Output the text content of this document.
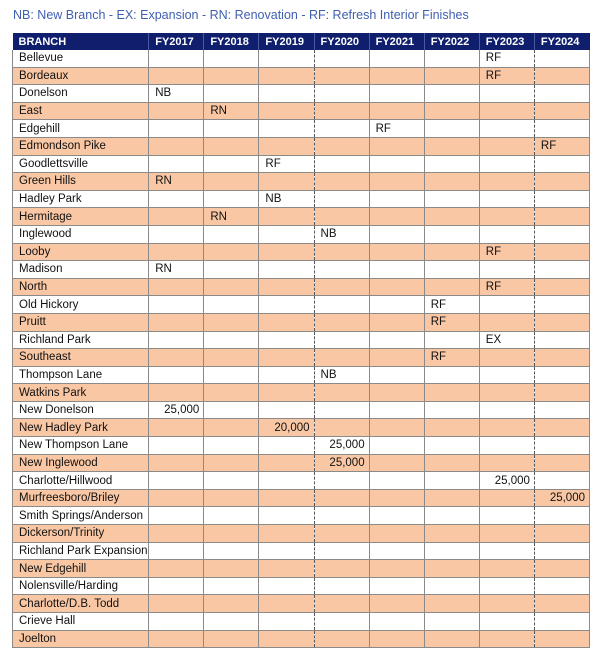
NB: New Branch - EX: Expansion - RN: Renovation - RF: Refresh Interior Finishes
BRANCH	FY2017	FY2018	FY2019	FY2020	FY2021	FY2022	FY2023	FY2024
Bellevue							RF	
Bordeaux							RF	
Donelson	NB							
East		RN						
Edgehill					RF			
Edmondson Pike								RF
Goodlettsville			RF					
Green Hills	RN							
Hadley Park			NB					
Hermitage		RN						
Inglewood				NB				
Looby							RF	
Madison	RN							
North							RF	
Old Hickory						RF		
Pruitt						RF		
Richland Park							EX	
Southeast						RF		
Thompson Lane				NB				
Watkins Park								
New Donelson	25,000							
New Hadley Park			20,000					
New Thompson Lane				25,000				
New Inglewood				25,000				
Charlotte/Hillwood							25,000	
Murfreesboro/Briley								25,000
Smith Springs/Anderson								
Dickerson/Trinity								
Richland Park Expansion								
New Edgehill								
Nolensville/Harding								
Charlotte/D.B. Todd								
Crieve Hall								
Joelton								
